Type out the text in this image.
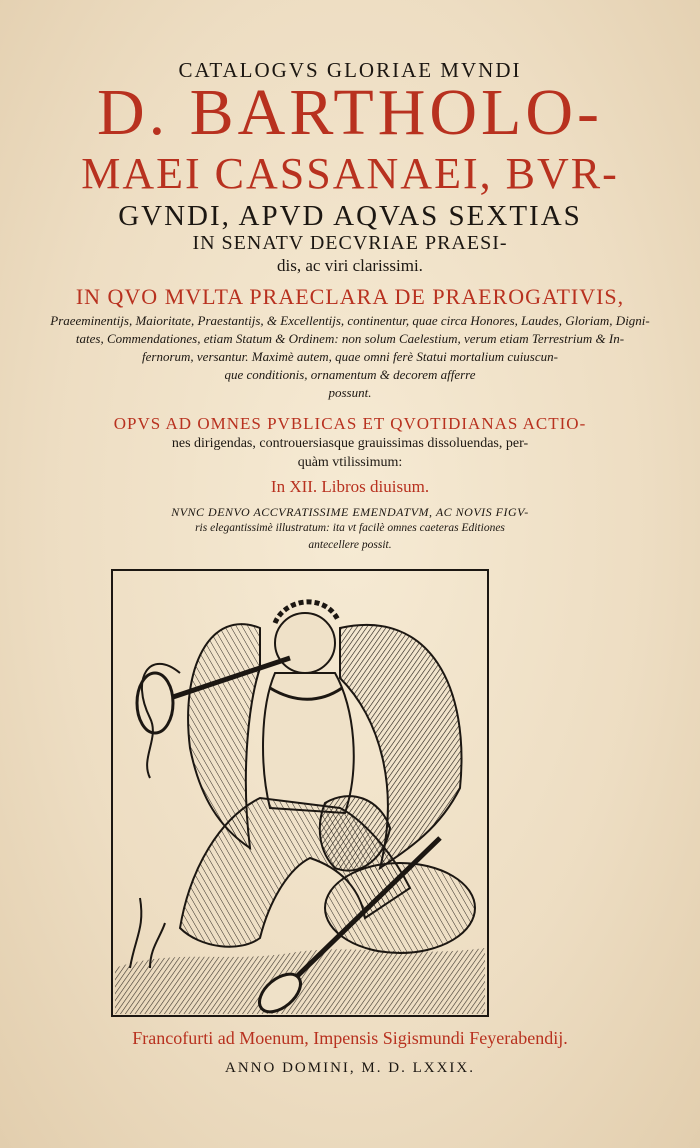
CATALOGVS GLORIAE MVNDI
D. BARTHOLO-
MAEI CASSANAEI, BVR-
GVNDI, APVD AQVAS SEXTIAS
IN SENATV DECVRIAE PRAESI-
dis, ac viri clarissimi.
IN QVO MVLTA PRAECLARA DE PRAEROGATIVIS,
Praeeminentijs, Maioritate, Praestantijs, & Excellentijs, continentur, quae circa Honores, Laudes, Gloriam, Digni-
tates, Commendationes, etiam Statum & Ordinem: non solum Caelestium, verum etiam Terrestrium & In-
fernorum, versantur. Maximè autem, quae omni ferè Statui mortalium cuiuscun-
que conditionis, ornamentum & decorem afferre
possunt.
OPVS AD OMNES PVBLICAS ET QVOTIDIANAS ACTIO-
nes dirigendas, controuersiasque grauissimas dissoluendas, per-
quàm vtilissimum:
In XII. Libros diuisum.
NVNC DENVO ACCVRATISSIME EMENDATVM, AC NOVIS FIGV-
ris elegantissimè illustratum: ita vt facilè omnes caeteras Editiones
antecellere possit.
Francofurti ad Moenum, Impensis Sigismundi Feyerabendij.
ANNO DOMINI, M. D. LXXIX.
